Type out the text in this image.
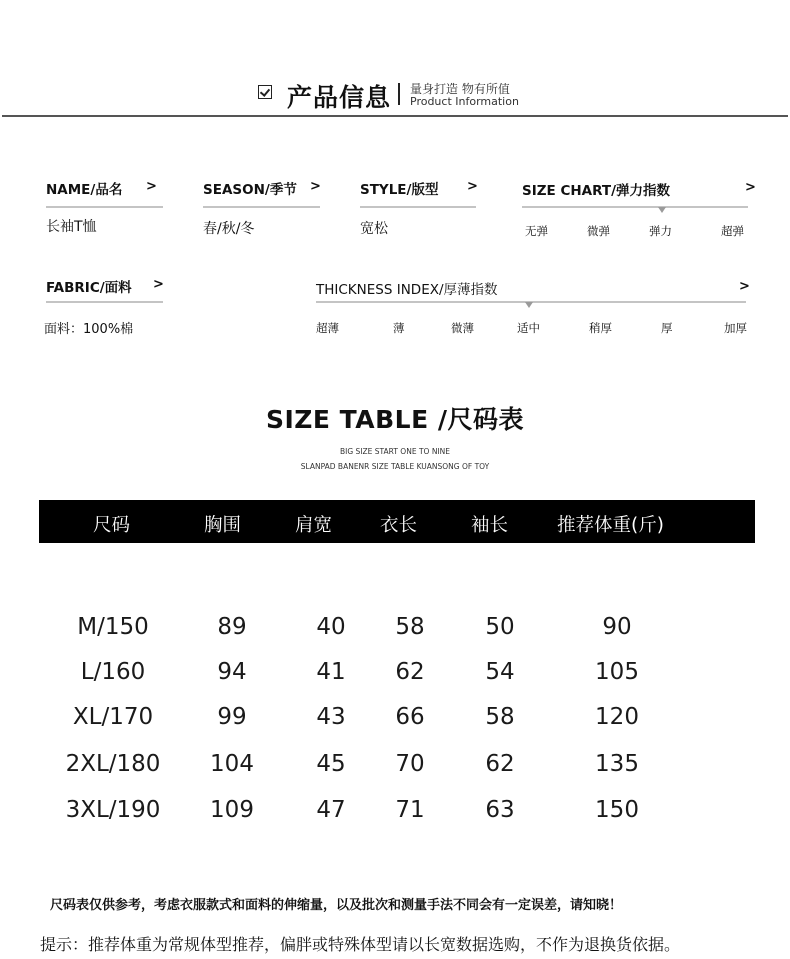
产品信息 量身打造 物有所值
Product Information
NAME/品名 >
长袖T恤
SEASON/季节 >
春/秋/冬
STYLE/版型 >
宽松
SIZE CHART/弹力指数	>
无弹	微弹	弹力	超弹
FABRIC/面料 >
面料：100%棉
THICKNESS INDEX/厚薄指数	>
超薄	薄	微薄	适中	稍厚	厚	加厚
SIZE TABLE /尺码表
BIG SIZE START ONE TO NINE
SLANPAD BANENR SIZE TABLE KUANSONG OF TOY
尺码	胸围	肩宽	衣长	袖长	推荐体重(斤)
M/150	89	40	58	50	90
L/160	94	41	62	54	105
XL/170	99	43	66	58	120
2XL/180	104	45	70	62	135
3XL/190	109	47	71	63	150
尺码表仅供参考，考虑衣服款式和面料的伸缩量，以及批次和测量手法不同会有一定误差，请知晓！
提示：推荐体重为常规体型推荐，偏胖或特殊体型请以长宽数据选购，不作为退换货依据。
